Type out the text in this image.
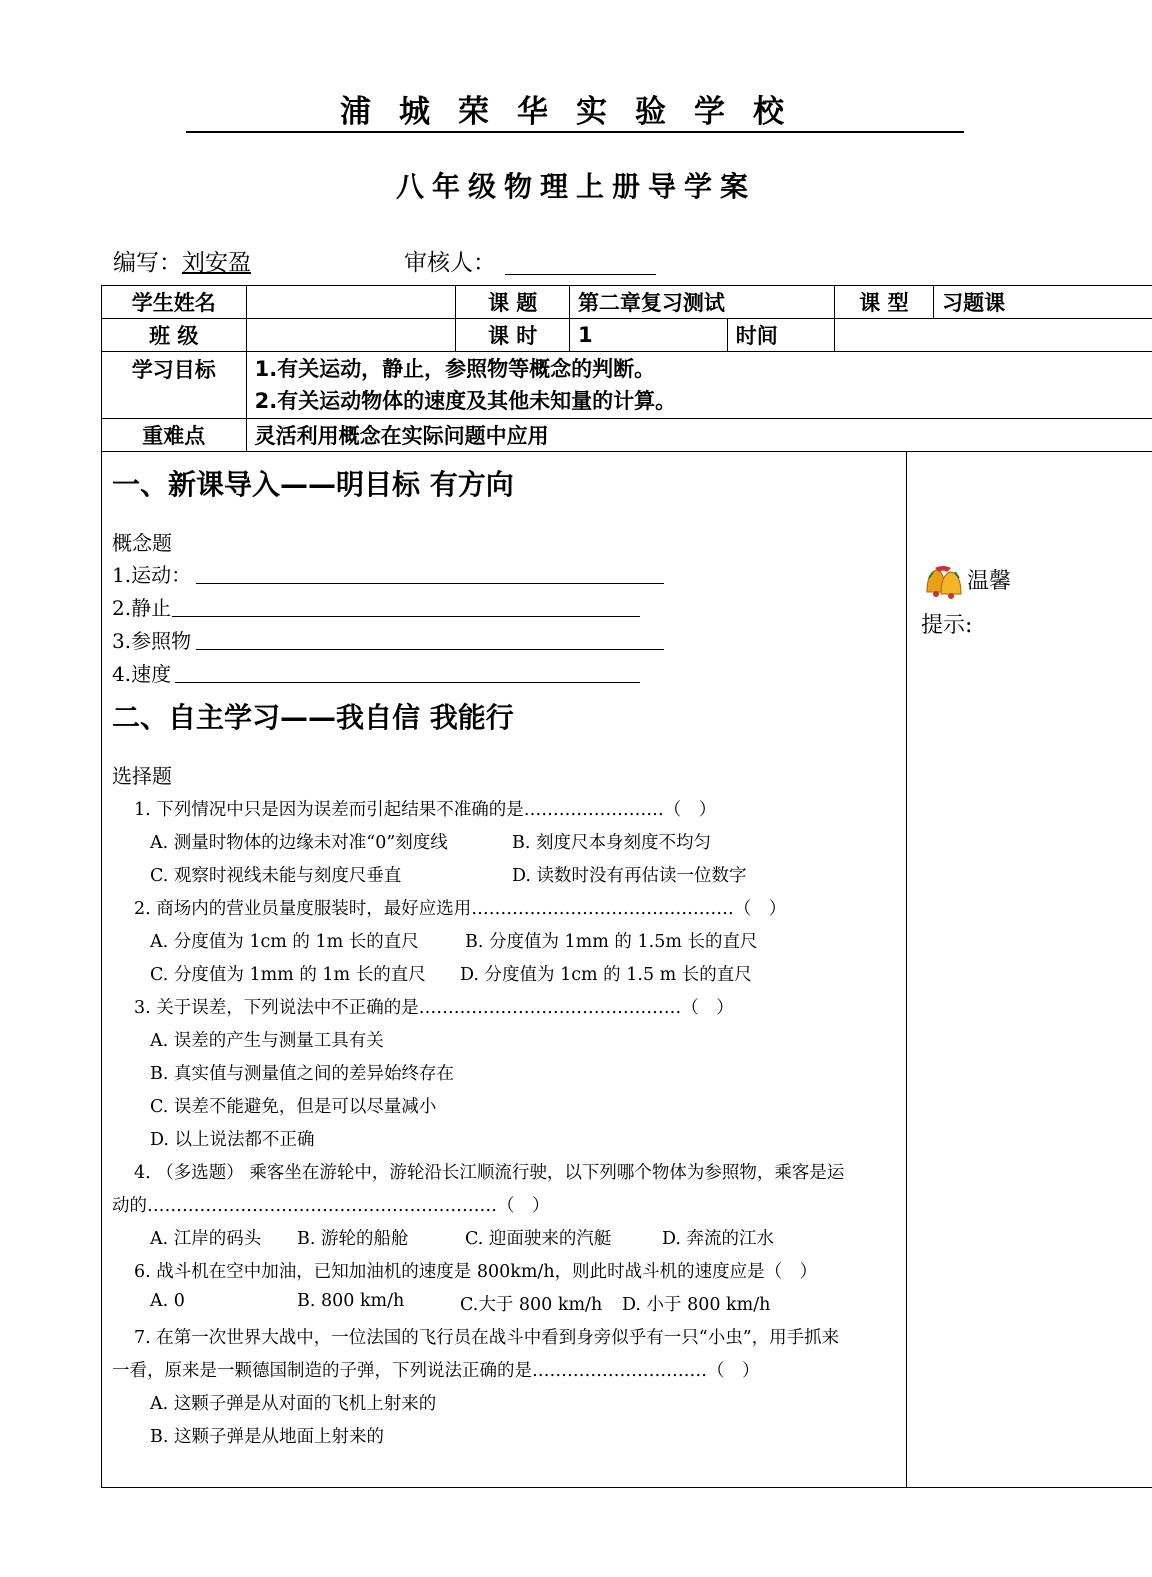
浦城荣华实验学校
八年级物理上册导学案
编写：刘安盈	审核人：
学生姓名		课 题	第二章复习测试		课 型	习题课
班 级		课 时	1	时间		
学习目标	1.有关运动，静止，参照物等概念的判断。
2.有关运动物体的速度及其他未知量的计算。					

重难点	灵活利用概念在实际问题中应用					
温馨
提示:
一、新课导入——明目标 有方向
概念题
1.运动：
2.静止
3.参照物
4.速度
二、自主学习——我自信 我能行
选择题
1. 下列情况中只是因为误差而引起结果不准确的是……………………（　）
A. 测量时物体的边缘未对准“0”刻度线	B. 刻度尺本身刻度不均匀
C. 观察时视线未能与刻度尺垂直	D. 读数时没有再估读一位数字
2. 商场内的营业员量度服装时，最好应选用………………………………………（　）
A. 分度值为 1cm 的 1m 长的直尺	B. 分度值为 1mm 的 1.5m 长的直尺
C. 分度值为 1mm 的 1m 长的直尺 D. 分度值为 1cm 的 1.5 m 长的直尺
3. 关于误差，下列说法中不正确的是………………………………………（　）
A. 误差的产生与测量工具有关
B. 真实值与测量值之间的差异始终存在
C. 误差不能避免，但是可以尽量减小
D. 以上说法都不正确
4. （多选题） 乘客坐在游轮中，游轮沿长江顺流行驶，以下列哪个物体为参照物，乘客是运
动的……………………………………………………（　）
A. 江岸的码头 B. 游轮的船舱	C. 迎面驶来的汽艇	D. 奔流的江水
6. 战斗机在空中加油，已知加油机的速度是 800km/h，则此时战斗机的速度应是（　）
A. 0	B. 800 km/h	C.大于 800 km/h D. 小于 800 km/h
7. 在第一次世界大战中，一位法国的飞行员在战斗中看到身旁似乎有一只“小虫”，用手抓来
一看，原来是一颗德国制造的子弹，下列说法正确的是…………………………（　）
A. 这颗子弹是从对面的飞机上射来的
B. 这颗子弹是从地面上射来的
